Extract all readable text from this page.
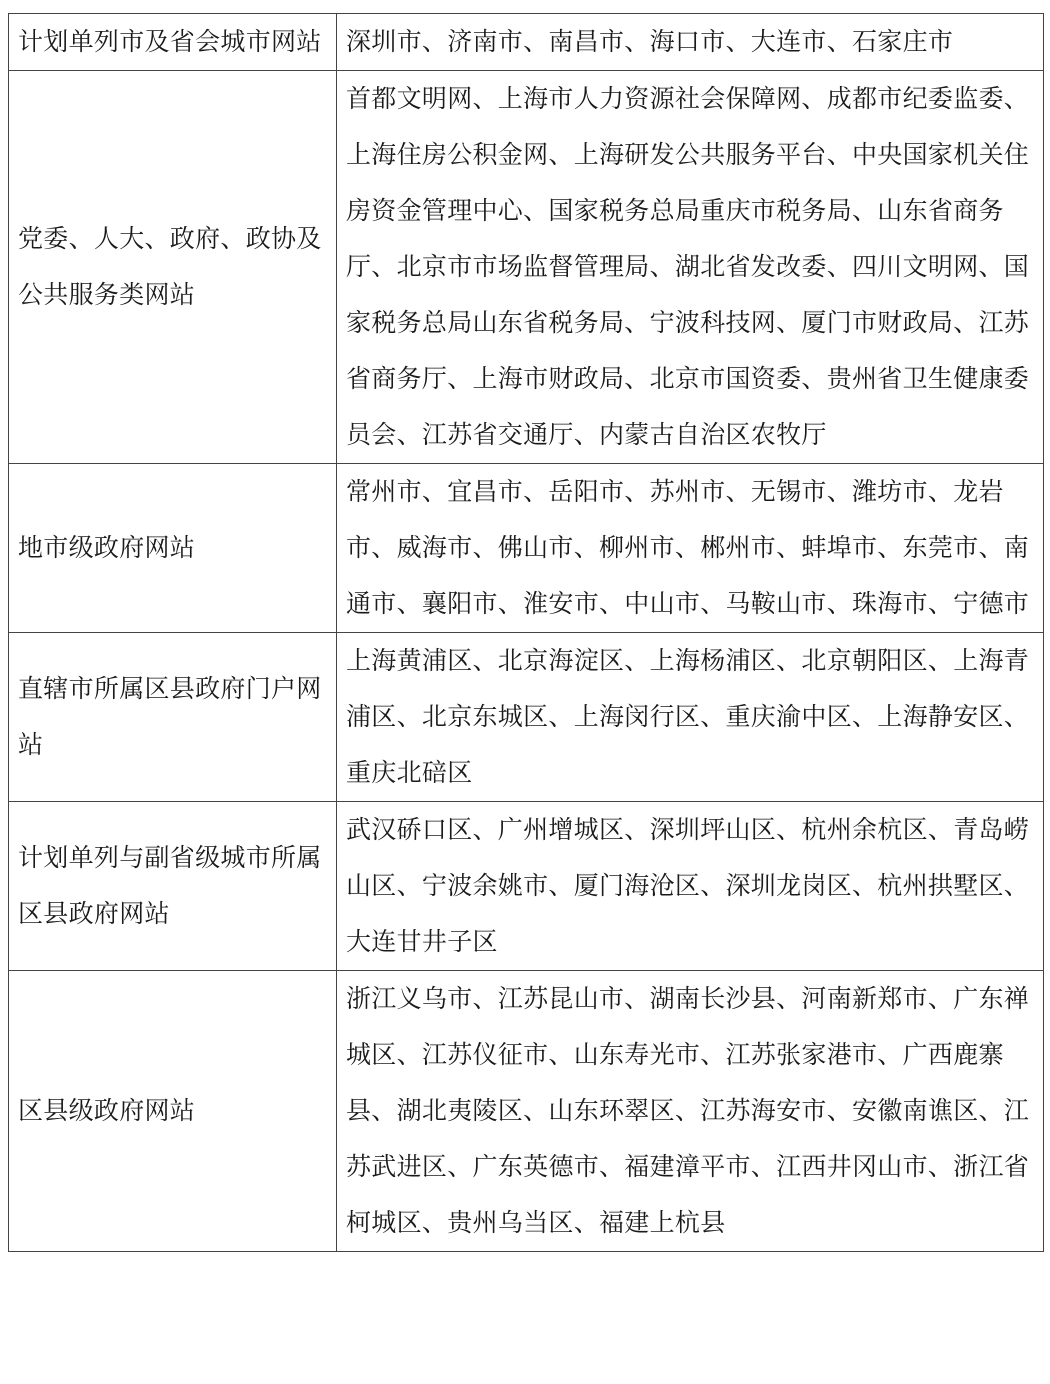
计划单列市及省会城市网站	深圳市、济南市、南昌市、海口市、大连市、石家庄市
党委、人大、政府、政协及公共服务类网站	首都文明网、上海市人力资源社会保障网、成都市纪委监委、上海住房公积金网、上海研发公共服务平台、中央国家机关住房资金管理中心、国家税务总局重庆市税务局、山东省商务厅、北京市市场监督管理局、湖北省发改委、四川文明网、国家税务总局山东省税务局、宁波科技网、厦门市财政局、江苏省商务厅、上海市财政局、北京市国资委、贵州省卫生健康委员会、江苏省交通厅、内蒙古自治区农牧厅
地市级政府网站	常州市、宜昌市、岳阳市、苏州市、无锡市、潍坊市、龙岩市、威海市、佛山市、柳州市、郴州市、蚌埠市、东莞市、南通市、襄阳市、淮安市、中山市、马鞍山市、珠海市、宁德市
直辖市所属区县政府门户网站	上海黄浦区、北京海淀区、上海杨浦区、北京朝阳区、上海青浦区、北京东城区、上海闵行区、重庆渝中区、上海静安区、重庆北碚区
计划单列与副省级城市所属区县政府网站	武汉硚口区、广州增城区、深圳坪山区、杭州余杭区、青岛崂山区、宁波余姚市、厦门海沧区、深圳龙岗区、杭州拱墅区、大连甘井子区
区县级政府网站	浙江义乌市、江苏昆山市、湖南长沙县、河南新郑市、广东禅城区、江苏仪征市、山东寿光市、江苏张家港市、广西鹿寨县、湖北夷陵区、山东环翠区、江苏海安市、安徽南谯区、江苏武进区、广东英德市、福建漳平市、江西井冈山市、浙江省柯城区、贵州乌当区、福建上杭县
